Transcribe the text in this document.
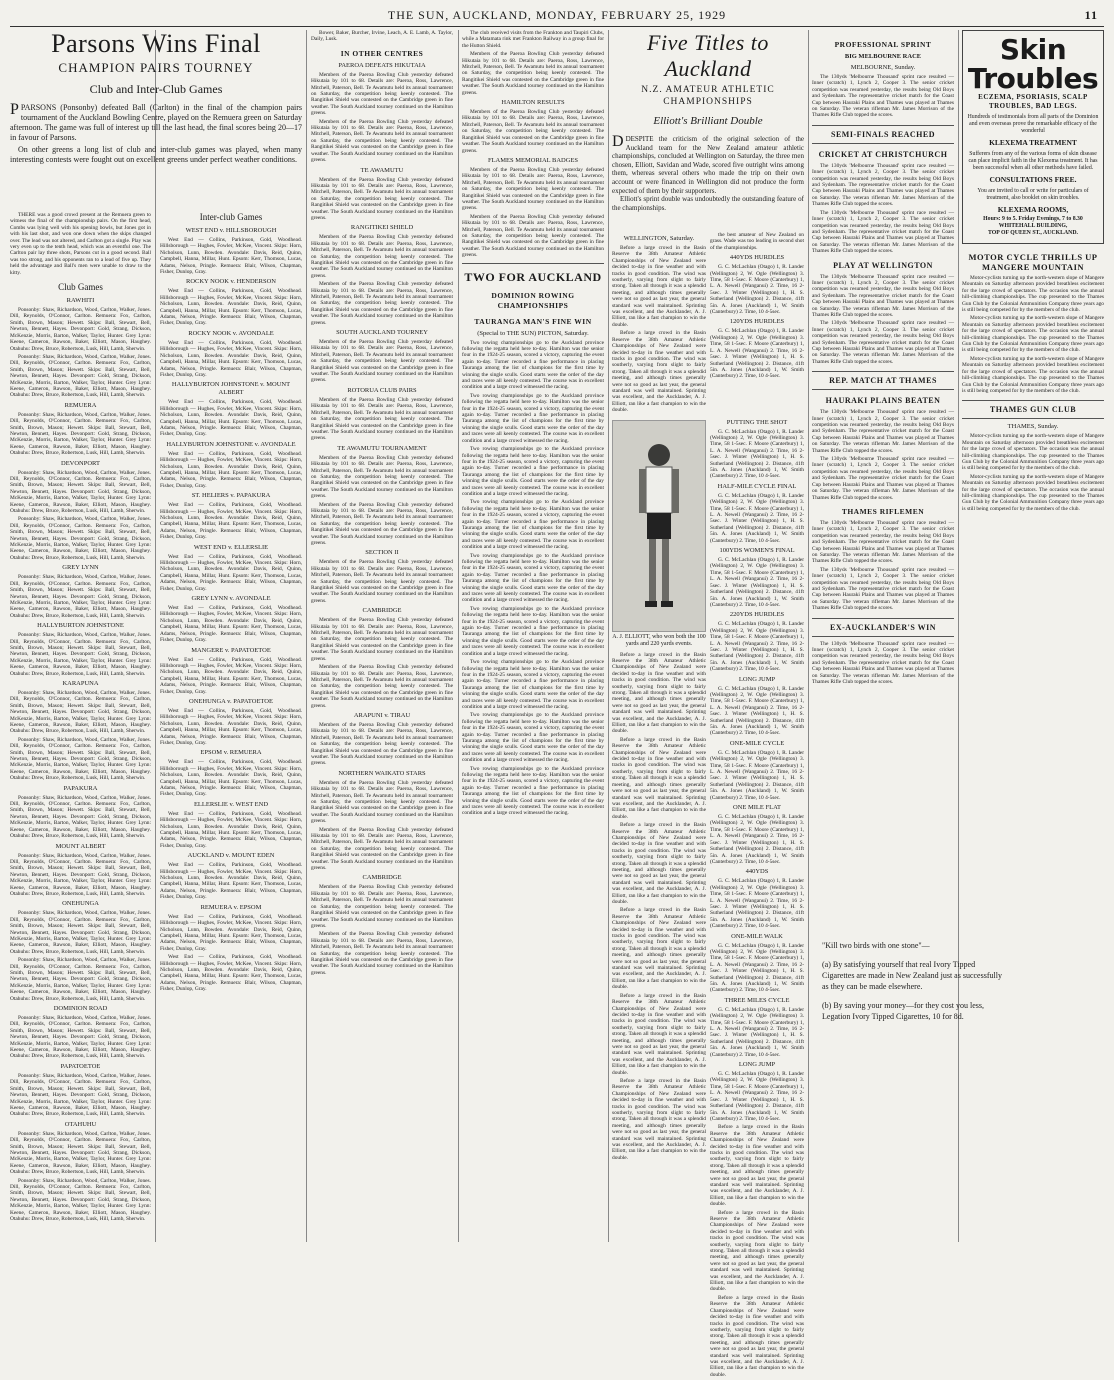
THE SUN, AUCKLAND, MONDAY, FEBRUARY 25, 1929	11
Parsons Wins Final
CHAMPION PAIRS TOURNEY
Club and Inter-Club Games
PPARSONS (Ponsonby) defeated Ball (Carlton) in the final of the champion pairs tournament of the Auckland Bowling Centre, played on the Remuera green on Saturday afternoon. The game was full of interest up till the last head, the final scores being 20—17 in favour of Parsons.
On other greens a long list of club and inter-club games was played, when many interesting contests were fought out on excellent greens under perfect weather conditions.

THERE was a good crowd present at the Remuera green to witness the final of the championship pairs. On the first head, Combs was lying well with his opening bowls, but Jones got in with his last shot, and won one down when the skips changed over. The lead was not altered, and Carlton got a single. Play was very even up to the tenth head, which was an eventful one. The Carlton pair lay three shots, Parsons cut in a good second. Ball was too strong, and his opponents ran to a lead of five up. They held the advantage and Ball's men were unable to draw to the kitty.

Club Games
RAWHITI

Ponsonby: Shaw, Richardson, Wood, Carlton, Walker, Jones. Dill, Reynolds, O'Connor, Carlton. Remuera: Fox, Carlton, Smith, Brown, Mason; Hewett. Skips: Ball, Stewart, Bell, Newton, Bennett, Hayes. Devonport: Gold, Strang, Dickson, McKenzie, Morris, Barton, Walker, Taylor, Hunter. Grey Lynn: Keene, Cameron, Rawson, Baker, Elliott, Mason, Haughey. Otahuhu: Drew, Bruce, Robertson, Lusk, Hill, Lamb, Sherwin.

Ponsonby: Shaw, Richardson, Wood, Carlton, Walker, Jones. Dill, Reynolds, O'Connor, Carlton. Remuera: Fox, Carlton, Smith, Brown, Mason; Hewett. Skips: Ball, Stewart, Bell, Newton, Bennett, Hayes. Devonport: Gold, Strang, Dickson, McKenzie, Morris, Barton, Walker, Taylor, Hunter. Grey Lynn: Keene, Cameron, Rawson, Baker, Elliott, Mason, Haughey. Otahuhu: Drew, Bruce, Robertson, Lusk, Hill, Lamb, Sherwin.

REMUERA

Ponsonby: Shaw, Richardson, Wood, Carlton, Walker, Jones. Dill, Reynolds, O'Connor, Carlton. Remuera: Fox, Carlton, Smith, Brown, Mason; Hewett. Skips: Ball, Stewart, Bell, Newton, Bennett, Hayes. Devonport: Gold, Strang, Dickson, McKenzie, Morris, Barton, Walker, Taylor, Hunter. Grey Lynn: Keene, Cameron, Rawson, Baker, Elliott, Mason, Haughey. Otahuhu: Drew, Bruce, Robertson, Lusk, Hill, Lamb, Sherwin.

DEVONPORT

Ponsonby: Shaw, Richardson, Wood, Carlton, Walker, Jones. Dill, Reynolds, O'Connor, Carlton. Remuera: Fox, Carlton, Smith, Brown, Mason; Hewett. Skips: Ball, Stewart, Bell, Newton, Bennett, Hayes. Devonport: Gold, Strang, Dickson, McKenzie, Morris, Barton, Walker, Taylor, Hunter. Grey Lynn: Keene, Cameron, Rawson, Baker, Elliott, Mason, Haughey. Otahuhu: Drew, Bruce, Robertson, Lusk, Hill, Lamb, Sherwin.

Ponsonby: Shaw, Richardson, Wood, Carlton, Walker, Jones. Dill, Reynolds, O'Connor, Carlton. Remuera: Fox, Carlton, Smith, Brown, Mason; Hewett. Skips: Ball, Stewart, Bell, Newton, Bennett, Hayes. Devonport: Gold, Strang, Dickson, McKenzie, Morris, Barton, Walker, Taylor, Hunter. Grey Lynn: Keene, Cameron, Rawson, Baker, Elliott, Mason, Haughey. Otahuhu: Drew, Bruce, Robertson, Lusk, Hill, Lamb, Sherwin.

GREY LYNN

Ponsonby: Shaw, Richardson, Wood, Carlton, Walker, Jones. Dill, Reynolds, O'Connor, Carlton. Remuera: Fox, Carlton, Smith, Brown, Mason; Hewett. Skips: Ball, Stewart, Bell, Newton, Bennett, Hayes. Devonport: Gold, Strang, Dickson, McKenzie, Morris, Barton, Walker, Taylor, Hunter. Grey Lynn: Keene, Cameron, Rawson, Baker, Elliott, Mason, Haughey. Otahuhu: Drew, Bruce, Robertson, Lusk, Hill, Lamb, Sherwin.

HALLYBURTON JOHNSTONE

Ponsonby: Shaw, Richardson, Wood, Carlton, Walker, Jones. Dill, Reynolds, O'Connor, Carlton. Remuera: Fox, Carlton, Smith, Brown, Mason; Hewett. Skips: Ball, Stewart, Bell, Newton, Bennett, Hayes. Devonport: Gold, Strang, Dickson, McKenzie, Morris, Barton, Walker, Taylor, Hunter. Grey Lynn: Keene, Cameron, Rawson, Baker, Elliott, Mason, Haughey. Otahuhu: Drew, Bruce, Robertson, Lusk, Hill, Lamb, Sherwin.

KARAPUNA

Ponsonby: Shaw, Richardson, Wood, Carlton, Walker, Jones. Dill, Reynolds, O'Connor, Carlton. Remuera: Fox, Carlton, Smith, Brown, Mason; Hewett. Skips: Ball, Stewart, Bell, Newton, Bennett, Hayes. Devonport: Gold, Strang, Dickson, McKenzie, Morris, Barton, Walker, Taylor, Hunter. Grey Lynn: Keene, Cameron, Rawson, Baker, Elliott, Mason, Haughey. Otahuhu: Drew, Bruce, Robertson, Lusk, Hill, Lamb, Sherwin.

Ponsonby: Shaw, Richardson, Wood, Carlton, Walker, Jones. Dill, Reynolds, O'Connor, Carlton. Remuera: Fox, Carlton, Smith, Brown, Mason; Hewett. Skips: Ball, Stewart, Bell, Newton, Bennett, Hayes. Devonport: Gold, Strang, Dickson, McKenzie, Morris, Barton, Walker, Taylor, Hunter. Grey Lynn: Keene, Cameron, Rawson, Baker, Elliott, Mason, Haughey. Otahuhu: Drew, Bruce, Robertson, Lusk, Hill, Lamb, Sherwin.

PAPAKURA

Ponsonby: Shaw, Richardson, Wood, Carlton, Walker, Jones. Dill, Reynolds, O'Connor, Carlton. Remuera: Fox, Carlton, Smith, Brown, Mason; Hewett. Skips: Ball, Stewart, Bell, Newton, Bennett, Hayes. Devonport: Gold, Strang, Dickson, McKenzie, Morris, Barton, Walker, Taylor, Hunter. Grey Lynn: Keene, Cameron, Rawson, Baker, Elliott, Mason, Haughey. Otahuhu: Drew, Bruce, Robertson, Lusk, Hill, Lamb, Sherwin.

MOUNT ALBERT

Ponsonby: Shaw, Richardson, Wood, Carlton, Walker, Jones. Dill, Reynolds, O'Connor, Carlton. Remuera: Fox, Carlton, Smith, Brown, Mason; Hewett. Skips: Ball, Stewart, Bell, Newton, Bennett, Hayes. Devonport: Gold, Strang, Dickson, McKenzie, Morris, Barton, Walker, Taylor, Hunter. Grey Lynn: Keene, Cameron, Rawson, Baker, Elliott, Mason, Haughey. Otahuhu: Drew, Bruce, Robertson, Lusk, Hill, Lamb, Sherwin.

ONEHUNGA

Ponsonby: Shaw, Richardson, Wood, Carlton, Walker, Jones. Dill, Reynolds, O'Connor, Carlton. Remuera: Fox, Carlton, Smith, Brown, Mason; Hewett. Skips: Ball, Stewart, Bell, Newton, Bennett, Hayes. Devonport: Gold, Strang, Dickson, McKenzie, Morris, Barton, Walker, Taylor, Hunter. Grey Lynn: Keene, Cameron, Rawson, Baker, Elliott, Mason, Haughey. Otahuhu: Drew, Bruce, Robertson, Lusk, Hill, Lamb, Sherwin.

Ponsonby: Shaw, Richardson, Wood, Carlton, Walker, Jones. Dill, Reynolds, O'Connor, Carlton. Remuera: Fox, Carlton, Smith, Brown, Mason; Hewett. Skips: Ball, Stewart, Bell, Newton, Bennett, Hayes. Devonport: Gold, Strang, Dickson, McKenzie, Morris, Barton, Walker, Taylor, Hunter. Grey Lynn: Keene, Cameron, Rawson, Baker, Elliott, Mason, Haughey. Otahuhu: Drew, Bruce, Robertson, Lusk, Hill, Lamb, Sherwin.

DOMINION ROAD

Ponsonby: Shaw, Richardson, Wood, Carlton, Walker, Jones. Dill, Reynolds, O'Connor, Carlton. Remuera: Fox, Carlton, Smith, Brown, Mason; Hewett. Skips: Ball, Stewart, Bell, Newton, Bennett, Hayes. Devonport: Gold, Strang, Dickson, McKenzie, Morris, Barton, Walker, Taylor, Hunter. Grey Lynn: Keene, Cameron, Rawson, Baker, Elliott, Mason, Haughey. Otahuhu: Drew, Bruce, Robertson, Lusk, Hill, Lamb, Sherwin.

PAPATOETOE

Ponsonby: Shaw, Richardson, Wood, Carlton, Walker, Jones. Dill, Reynolds, O'Connor, Carlton. Remuera: Fox, Carlton, Smith, Brown, Mason; Hewett. Skips: Ball, Stewart, Bell, Newton, Bennett, Hayes. Devonport: Gold, Strang, Dickson, McKenzie, Morris, Barton, Walker, Taylor, Hunter. Grey Lynn: Keene, Cameron, Rawson, Baker, Elliott, Mason, Haughey. Otahuhu: Drew, Bruce, Robertson, Lusk, Hill, Lamb, Sherwin.

OTAHUHU

Ponsonby: Shaw, Richardson, Wood, Carlton, Walker, Jones. Dill, Reynolds, O'Connor, Carlton. Remuera: Fox, Carlton, Smith, Brown, Mason; Hewett. Skips: Ball, Stewart, Bell, Newton, Bennett, Hayes. Devonport: Gold, Strang, Dickson, McKenzie, Morris, Barton, Walker, Taylor, Hunter. Grey Lynn: Keene, Cameron, Rawson, Baker, Elliott, Mason, Haughey. Otahuhu: Drew, Bruce, Robertson, Lusk, Hill, Lamb, Sherwin.

Ponsonby: Shaw, Richardson, Wood, Carlton, Walker, Jones. Dill, Reynolds, O'Connor, Carlton. Remuera: Fox, Carlton, Smith, Brown, Mason; Hewett. Skips: Ball, Stewart, Bell, Newton, Bennett, Hayes. Devonport: Gold, Strang, Dickson, McKenzie, Morris, Barton, Walker, Taylor, Hunter. Grey Lynn: Keene, Cameron, Rawson, Baker, Elliott, Mason, Haughey. Otahuhu: Drew, Bruce, Robertson, Lusk, Hill, Lamb, Sherwin.

Inter-club Games
WEST END v. HILLSBOROUGH

West End — Collins, Parkinson, Gold, Woodhead. Hillsborough — Hughes, Fowler, McKee, Vincent. Skips: Horn, Nicholson, Lunn, Bowden. Avondale: Davis, Reid, Quinn, Campbell, Hanna, Millar, Hunt. Epsom: Kerr, Thomson, Lucas, Adams, Nelson, Pringle. Remuera: Blair, Wilson, Chapman, Fisher, Dunlop, Gray.

ROCKY NOOK v. HENDERSON

West End — Collins, Parkinson, Gold, Woodhead. Hillsborough — Hughes, Fowler, McKee, Vincent. Skips: Horn, Nicholson, Lunn, Bowden. Avondale: Davis, Reid, Quinn, Campbell, Hanna, Millar, Hunt. Epsom: Kerr, Thomson, Lucas, Adams, Nelson, Pringle. Remuera: Blair, Wilson, Chapman, Fisher, Dunlop, Gray.

ROCKY NOOK v. AVONDALE

West End — Collins, Parkinson, Gold, Woodhead. Hillsborough — Hughes, Fowler, McKee, Vincent. Skips: Horn, Nicholson, Lunn, Bowden. Avondale: Davis, Reid, Quinn, Campbell, Hanna, Millar, Hunt. Epsom: Kerr, Thomson, Lucas, Adams, Nelson, Pringle. Remuera: Blair, Wilson, Chapman, Fisher, Dunlop, Gray.

HALLYBURTON JOHNSTONE v. MOUNT ALBERT

West End — Collins, Parkinson, Gold, Woodhead. Hillsborough — Hughes, Fowler, McKee, Vincent. Skips: Horn, Nicholson, Lunn, Bowden. Avondale: Davis, Reid, Quinn, Campbell, Hanna, Millar, Hunt. Epsom: Kerr, Thomson, Lucas, Adams, Nelson, Pringle. Remuera: Blair, Wilson, Chapman, Fisher, Dunlop, Gray.

HALLYBURTON JOHNSTONE v. AVONDALE

West End — Collins, Parkinson, Gold, Woodhead. Hillsborough — Hughes, Fowler, McKee, Vincent. Skips: Horn, Nicholson, Lunn, Bowden. Avondale: Davis, Reid, Quinn, Campbell, Hanna, Millar, Hunt. Epsom: Kerr, Thomson, Lucas, Adams, Nelson, Pringle. Remuera: Blair, Wilson, Chapman, Fisher, Dunlop, Gray.

ST. HELIERS v. PAPAKURA

West End — Collins, Parkinson, Gold, Woodhead. Hillsborough — Hughes, Fowler, McKee, Vincent. Skips: Horn, Nicholson, Lunn, Bowden. Avondale: Davis, Reid, Quinn, Campbell, Hanna, Millar, Hunt. Epsom: Kerr, Thomson, Lucas, Adams, Nelson, Pringle. Remuera: Blair, Wilson, Chapman, Fisher, Dunlop, Gray.

WEST END v. ELLERSLIE

West End — Collins, Parkinson, Gold, Woodhead. Hillsborough — Hughes, Fowler, McKee, Vincent. Skips: Horn, Nicholson, Lunn, Bowden. Avondale: Davis, Reid, Quinn, Campbell, Hanna, Millar, Hunt. Epsom: Kerr, Thomson, Lucas, Adams, Nelson, Pringle. Remuera: Blair, Wilson, Chapman, Fisher, Dunlop, Gray.

GREY LYNN v. AVONDALE

West End — Collins, Parkinson, Gold, Woodhead. Hillsborough — Hughes, Fowler, McKee, Vincent. Skips: Horn, Nicholson, Lunn, Bowden. Avondale: Davis, Reid, Quinn, Campbell, Hanna, Millar, Hunt. Epsom: Kerr, Thomson, Lucas, Adams, Nelson, Pringle. Remuera: Blair, Wilson, Chapman, Fisher, Dunlop, Gray.

MANGERE v. PAPATOETOE

West End — Collins, Parkinson, Gold, Woodhead. Hillsborough — Hughes, Fowler, McKee, Vincent. Skips: Horn, Nicholson, Lunn, Bowden. Avondale: Davis, Reid, Quinn, Campbell, Hanna, Millar, Hunt. Epsom: Kerr, Thomson, Lucas, Adams, Nelson, Pringle. Remuera: Blair, Wilson, Chapman, Fisher, Dunlop, Gray.

ONEHUNGA v. PAPATOETOE

West End — Collins, Parkinson, Gold, Woodhead. Hillsborough — Hughes, Fowler, McKee, Vincent. Skips: Horn, Nicholson, Lunn, Bowden. Avondale: Davis, Reid, Quinn, Campbell, Hanna, Millar, Hunt. Epsom: Kerr, Thomson, Lucas, Adams, Nelson, Pringle. Remuera: Blair, Wilson, Chapman, Fisher, Dunlop, Gray.

EPSOM v. REMUERA

West End — Collins, Parkinson, Gold, Woodhead. Hillsborough — Hughes, Fowler, McKee, Vincent. Skips: Horn, Nicholson, Lunn, Bowden. Avondale: Davis, Reid, Quinn, Campbell, Hanna, Millar, Hunt. Epsom: Kerr, Thomson, Lucas, Adams, Nelson, Pringle. Remuera: Blair, Wilson, Chapman, Fisher, Dunlop, Gray.

ELLERSLIE v. WEST END

West End — Collins, Parkinson, Gold, Woodhead. Hillsborough — Hughes, Fowler, McKee, Vincent. Skips: Horn, Nicholson, Lunn, Bowden. Avondale: Davis, Reid, Quinn, Campbell, Hanna, Millar, Hunt. Epsom: Kerr, Thomson, Lucas, Adams, Nelson, Pringle. Remuera: Blair, Wilson, Chapman, Fisher, Dunlop, Gray.

AUCKLAND v. MOUNT EDEN

West End — Collins, Parkinson, Gold, Woodhead. Hillsborough — Hughes, Fowler, McKee, Vincent. Skips: Horn, Nicholson, Lunn, Bowden. Avondale: Davis, Reid, Quinn, Campbell, Hanna, Millar, Hunt. Epsom: Kerr, Thomson, Lucas, Adams, Nelson, Pringle. Remuera: Blair, Wilson, Chapman, Fisher, Dunlop, Gray.

REMUERA v. EPSOM

West End — Collins, Parkinson, Gold, Woodhead. Hillsborough — Hughes, Fowler, McKee, Vincent. Skips: Horn, Nicholson, Lunn, Bowden. Avondale: Davis, Reid, Quinn, Campbell, Hanna, Millar, Hunt. Epsom: Kerr, Thomson, Lucas, Adams, Nelson, Pringle. Remuera: Blair, Wilson, Chapman, Fisher, Dunlop, Gray.

West End — Collins, Parkinson, Gold, Woodhead. Hillsborough — Hughes, Fowler, McKee, Vincent. Skips: Horn, Nicholson, Lunn, Bowden. Avondale: Davis, Reid, Quinn, Campbell, Hanna, Millar, Hunt. Epsom: Kerr, Thomson, Lucas, Adams, Nelson, Pringle. Remuera: Blair, Wilson, Chapman, Fisher, Dunlop, Gray.

Bower, Baker, Burcher, Irvine, Leach, A. E. Lamb, A. Taylor, Daily, Lusk.

IN OTHER CENTRES
PAEROA DEFEATS HIKUTAIA

Members of the Paeroa Bowling Club yesterday defeated Hikutaia by 101 to 68. Details are: Paeroa, Ross, Lawrence, Mitchell, Paterson, Bell. Te Awamutu held its annual tournament on Saturday, the competition being keenly contested. The Rangitikei Shield was contested on the Cambridge green in fine weather. The South Auckland tourney continued on the Hamilton greens.

Members of the Paeroa Bowling Club yesterday defeated Hikutaia by 101 to 68. Details are: Paeroa, Ross, Lawrence, Mitchell, Paterson, Bell. Te Awamutu held its annual tournament on Saturday, the competition being keenly contested. The Rangitikei Shield was contested on the Cambridge green in fine weather. The South Auckland tourney continued on the Hamilton greens.

TE AWAMUTU

Members of the Paeroa Bowling Club yesterday defeated Hikutaia by 101 to 68. Details are: Paeroa, Ross, Lawrence, Mitchell, Paterson, Bell. Te Awamutu held its annual tournament on Saturday, the competition being keenly contested. The Rangitikei Shield was contested on the Cambridge green in fine weather. The South Auckland tourney continued on the Hamilton greens.

RANGITIKEI SHIELD

Members of the Paeroa Bowling Club yesterday defeated Hikutaia by 101 to 68. Details are: Paeroa, Ross, Lawrence, Mitchell, Paterson, Bell. Te Awamutu held its annual tournament on Saturday, the competition being keenly contested. The Rangitikei Shield was contested on the Cambridge green in fine weather. The South Auckland tourney continued on the Hamilton greens.

Members of the Paeroa Bowling Club yesterday defeated Hikutaia by 101 to 68. Details are: Paeroa, Ross, Lawrence, Mitchell, Paterson, Bell. Te Awamutu held its annual tournament on Saturday, the competition being keenly contested. The Rangitikei Shield was contested on the Cambridge green in fine weather. The South Auckland tourney continued on the Hamilton greens.

SOUTH AUCKLAND TOURNEY

Members of the Paeroa Bowling Club yesterday defeated Hikutaia by 101 to 68. Details are: Paeroa, Ross, Lawrence, Mitchell, Paterson, Bell. Te Awamutu held its annual tournament on Saturday, the competition being keenly contested. The Rangitikei Shield was contested on the Cambridge green in fine weather. The South Auckland tourney continued on the Hamilton greens.

ROTORUA CLUB PAIRS

Members of the Paeroa Bowling Club yesterday defeated Hikutaia by 101 to 68. Details are: Paeroa, Ross, Lawrence, Mitchell, Paterson, Bell. Te Awamutu held its annual tournament on Saturday, the competition being keenly contested. The Rangitikei Shield was contested on the Cambridge green in fine weather. The South Auckland tourney continued on the Hamilton greens.

TE AWAMUTU TOURNAMENT

Members of the Paeroa Bowling Club yesterday defeated Hikutaia by 101 to 68. Details are: Paeroa, Ross, Lawrence, Mitchell, Paterson, Bell. Te Awamutu held its annual tournament on Saturday, the competition being keenly contested. The Rangitikei Shield was contested on the Cambridge green in fine weather. The South Auckland tourney continued on the Hamilton greens.

Members of the Paeroa Bowling Club yesterday defeated Hikutaia by 101 to 68. Details are: Paeroa, Ross, Lawrence, Mitchell, Paterson, Bell. Te Awamutu held its annual tournament on Saturday, the competition being keenly contested. The Rangitikei Shield was contested on the Cambridge green in fine weather. The South Auckland tourney continued on the Hamilton greens.

SECTION II

Members of the Paeroa Bowling Club yesterday defeated Hikutaia by 101 to 68. Details are: Paeroa, Ross, Lawrence, Mitchell, Paterson, Bell. Te Awamutu held its annual tournament on Saturday, the competition being keenly contested. The Rangitikei Shield was contested on the Cambridge green in fine weather. The South Auckland tourney continued on the Hamilton greens.

CAMBRIDGE

Members of the Paeroa Bowling Club yesterday defeated Hikutaia by 101 to 68. Details are: Paeroa, Ross, Lawrence, Mitchell, Paterson, Bell. Te Awamutu held its annual tournament on Saturday, the competition being keenly contested. The Rangitikei Shield was contested on the Cambridge green in fine weather. The South Auckland tourney continued on the Hamilton greens.

Members of the Paeroa Bowling Club yesterday defeated Hikutaia by 101 to 68. Details are: Paeroa, Ross, Lawrence, Mitchell, Paterson, Bell. Te Awamutu held its annual tournament on Saturday, the competition being keenly contested. The Rangitikei Shield was contested on the Cambridge green in fine weather. The South Auckland tourney continued on the Hamilton greens.

ARAPUNI v. TIRAU

Members of the Paeroa Bowling Club yesterday defeated Hikutaia by 101 to 68. Details are: Paeroa, Ross, Lawrence, Mitchell, Paterson, Bell. Te Awamutu held its annual tournament on Saturday, the competition being keenly contested. The Rangitikei Shield was contested on the Cambridge green in fine weather. The South Auckland tourney continued on the Hamilton greens.

NORTHERN WAIKATO STARS

Members of the Paeroa Bowling Club yesterday defeated Hikutaia by 101 to 68. Details are: Paeroa, Ross, Lawrence, Mitchell, Paterson, Bell. Te Awamutu held its annual tournament on Saturday, the competition being keenly contested. The Rangitikei Shield was contested on the Cambridge green in fine weather. The South Auckland tourney continued on the Hamilton greens.

Members of the Paeroa Bowling Club yesterday defeated Hikutaia by 101 to 68. Details are: Paeroa, Ross, Lawrence, Mitchell, Paterson, Bell. Te Awamutu held its annual tournament on Saturday, the competition being keenly contested. The Rangitikei Shield was contested on the Cambridge green in fine weather. The South Auckland tourney continued on the Hamilton greens.

CAMBRIDGE

Members of the Paeroa Bowling Club yesterday defeated Hikutaia by 101 to 68. Details are: Paeroa, Ross, Lawrence, Mitchell, Paterson, Bell. Te Awamutu held its annual tournament on Saturday, the competition being keenly contested. The Rangitikei Shield was contested on the Cambridge green in fine weather. The South Auckland tourney continued on the Hamilton greens.

Members of the Paeroa Bowling Club yesterday defeated Hikutaia by 101 to 68. Details are: Paeroa, Ross, Lawrence, Mitchell, Paterson, Bell. Te Awamutu held its annual tournament on Saturday, the competition being keenly contested. The Rangitikei Shield was contested on the Cambridge green in fine weather. The South Auckland tourney continued on the Hamilton greens.

The club received visits from the Frankton and Taupiri Clubs, while a Matamata rink met Frankton Railway in a group final for the Hutton Shield.

Members of the Paeroa Bowling Club yesterday defeated Hikutaia by 101 to 68. Details are: Paeroa, Ross, Lawrence, Mitchell, Paterson, Bell. Te Awamutu held its annual tournament on Saturday, the competition being keenly contested. The Rangitikei Shield was contested on the Cambridge green in fine weather. The South Auckland tourney continued on the Hamilton greens.

HAMILTON RESULTS

Members of the Paeroa Bowling Club yesterday defeated Hikutaia by 101 to 68. Details are: Paeroa, Ross, Lawrence, Mitchell, Paterson, Bell. Te Awamutu held its annual tournament on Saturday, the competition being keenly contested. The Rangitikei Shield was contested on the Cambridge green in fine weather. The South Auckland tourney continued on the Hamilton greens.

FLAMES MEMORIAL BADGES

Members of the Paeroa Bowling Club yesterday defeated Hikutaia by 101 to 68. Details are: Paeroa, Ross, Lawrence, Mitchell, Paterson, Bell. Te Awamutu held its annual tournament on Saturday, the competition being keenly contested. The Rangitikei Shield was contested on the Cambridge green in fine weather. The South Auckland tourney continued on the Hamilton greens.

Members of the Paeroa Bowling Club yesterday defeated Hikutaia by 101 to 68. Details are: Paeroa, Ross, Lawrence, Mitchell, Paterson, Bell. Te Awamutu held its annual tournament on Saturday, the competition being keenly contested. The Rangitikei Shield was contested on the Cambridge green in fine weather. The South Auckland tourney continued on the Hamilton greens.

TWO FOR AUCKLAND
DOMINION ROWING CHAMPIONSHIPS
TAURANGA MAN'S FINE WIN
(Special to THE SUN) PICTON, Saturday.

Two rowing championships go to the Auckland province following the regatta held here to-day. Hamilton was the senior four in the 1924-25 season, scored a victory, capturing the event again to-day. Turner recorded a fine performance in placing Tauranga among the list of champions for the first time by winning the single sculls. Good starts were the order of the day and races were all keenly contested. The course was in excellent condition and a large crowd witnessed the racing.

Two rowing championships go to the Auckland province following the regatta held here to-day. Hamilton was the senior four in the 1924-25 season, scored a victory, capturing the event again to-day. Turner recorded a fine performance in placing Tauranga among the list of champions for the first time by winning the single sculls. Good starts were the order of the day and races were all keenly contested. The course was in excellent condition and a large crowd witnessed the racing.

Two rowing championships go to the Auckland province following the regatta held here to-day. Hamilton was the senior four in the 1924-25 season, scored a victory, capturing the event again to-day. Turner recorded a fine performance in placing Tauranga among the list of champions for the first time by winning the single sculls. Good starts were the order of the day and races were all keenly contested. The course was in excellent condition and a large crowd witnessed the racing.

Two rowing championships go to the Auckland province following the regatta held here to-day. Hamilton was the senior four in the 1924-25 season, scored a victory, capturing the event again to-day. Turner recorded a fine performance in placing Tauranga among the list of champions for the first time by winning the single sculls. Good starts were the order of the day and races were all keenly contested. The course was in excellent condition and a large crowd witnessed the racing.

Two rowing championships go to the Auckland province following the regatta held here to-day. Hamilton was the senior four in the 1924-25 season, scored a victory, capturing the event again to-day. Turner recorded a fine performance in placing Tauranga among the list of champions for the first time by winning the single sculls. Good starts were the order of the day and races were all keenly contested. The course was in excellent condition and a large crowd witnessed the racing.

Two rowing championships go to the Auckland province following the regatta held here to-day. Hamilton was the senior four in the 1924-25 season, scored a victory, capturing the event again to-day. Turner recorded a fine performance in placing Tauranga among the list of champions for the first time by winning the single sculls. Good starts were the order of the day and races were all keenly contested. The course was in excellent condition and a large crowd witnessed the racing.

Two rowing championships go to the Auckland province following the regatta held here to-day. Hamilton was the senior four in the 1924-25 season, scored a victory, capturing the event again to-day. Turner recorded a fine performance in placing Tauranga among the list of champions for the first time by winning the single sculls. Good starts were the order of the day and races were all keenly contested. The course was in excellent condition and a large crowd witnessed the racing.

Two rowing championships go to the Auckland province following the regatta held here to-day. Hamilton was the senior four in the 1924-25 season, scored a victory, capturing the event again to-day. Turner recorded a fine performance in placing Tauranga among the list of champions for the first time by winning the single sculls. Good starts were the order of the day and races were all keenly contested. The course was in excellent condition and a large crowd witnessed the racing.

Two rowing championships go to the Auckland province following the regatta held here to-day. Hamilton was the senior four in the 1924-25 season, scored a victory, capturing the event again to-day. Turner recorded a fine performance in placing Tauranga among the list of champions for the first time by winning the single sculls. Good starts were the order of the day and races were all keenly contested. The course was in excellent condition and a large crowd witnessed the racing.

Five Titles to Auckland
N.Z. AMATEUR ATHLETIC CHAMPIONSHIPS
Elliott's Brilliant Double
DDESPITE the criticism of the original selection of the Auckland team for the New Zealand amateur athletic championships, concluded at Wellington on Saturday, the three men chosen, Elliott, Savidan and Wade, scored five outright wins among them, whereas several others who made the trip on their own account or were financed in Wellington did not produce the form expected of them by their supporters.
Elliott's sprint double was undoubtedly the outstanding feature of the championships.
WELLINGTON, Saturday.

Before a large crowd in the Basin Reserve the 38th Amateur Athletic Championships of New Zealand were decided to-day in fine weather and with tracks in good condition. The wind was southerly, varying from slight to fairly strong. Taken all through it was a splendid meeting, and although times generally were not so good as last year, the general standard was well maintained. Sprinting was excellent, and the Aucklander, A. J. Elliott, ran like a fast champion to win the double.

Before a large crowd in the Basin Reserve the 38th Amateur Athletic Championships of New Zealand were decided to-day in fine weather and with tracks in good condition. The wind was southerly, varying from slight to fairly strong. Taken all through it was a splendid meeting, and although times generally were not so good as last year, the general standard was well maintained. Sprinting was excellent, and the Aucklander, A. J. Elliott, ran like a fast champion to win the double.

the best amateur of New Zealand on grass. Wade was too leading in second shot of the championships.

440YDS HURDLES

G. C. McLachlan (Otago) 1, R. Lander (Wellington) 2, W. Ogle (Wellington) 3. Time, 58 1-5sec. F. Moore (Canterbury) 1, L. A. Newell (Wanganui) 2. Time, 16 2-5sec. J. Winter (Wellington) 1, H. S. Sutherland (Wellington) 2. Distance, 41ft 5in. A. Jones (Auckland) 1, W. Smith (Canterbury) 2. Time, 10 4-5sec.

120YDS HURDLES

G. C. McLachlan (Otago) 1, R. Lander (Wellington) 2, W. Ogle (Wellington) 3. Time, 58 1-5sec. F. Moore (Canterbury) 1, L. A. Newell (Wanganui) 2. Time, 16 2-5sec. J. Winter (Wellington) 1, H. S. Sutherland (Wellington) 2. Distance, 41ft 5in. A. Jones (Auckland) 1, W. Smith (Canterbury) 2. Time, 10 4-5sec.

A. J. ELLIOTT, who won both the 100 yards and 220 yards events.

Before a large crowd in the Basin Reserve the 38th Amateur Athletic Championships of New Zealand were decided to-day in fine weather and with tracks in good condition. The wind was southerly, varying from slight to fairly strong. Taken all through it was a splendid meeting, and although times generally were not so good as last year, the general standard was well maintained. Sprinting was excellent, and the Aucklander, A. J. Elliott, ran like a fast champion to win the double.

Before a large crowd in the Basin Reserve the 38th Amateur Athletic Championships of New Zealand were decided to-day in fine weather and with tracks in good condition. The wind was southerly, varying from slight to fairly strong. Taken all through it was a splendid meeting, and although times generally were not so good as last year, the general standard was well maintained. Sprinting was excellent, and the Aucklander, A. J. Elliott, ran like a fast champion to win the double.

Before a large crowd in the Basin Reserve the 38th Amateur Athletic Championships of New Zealand were decided to-day in fine weather and with tracks in good condition. The wind was southerly, varying from slight to fairly strong. Taken all through it was a splendid meeting, and although times generally were not so good as last year, the general standard was well maintained. Sprinting was excellent, and the Aucklander, A. J. Elliott, ran like a fast champion to win the double.

Before a large crowd in the Basin Reserve the 38th Amateur Athletic Championships of New Zealand were decided to-day in fine weather and with tracks in good condition. The wind was southerly, varying from slight to fairly strong. Taken all through it was a splendid meeting, and although times generally were not so good as last year, the general standard was well maintained. Sprinting was excellent, and the Aucklander, A. J. Elliott, ran like a fast champion to win the double.

Before a large crowd in the Basin Reserve the 38th Amateur Athletic Championships of New Zealand were decided to-day in fine weather and with tracks in good condition. The wind was southerly, varying from slight to fairly strong. Taken all through it was a splendid meeting, and although times generally were not so good as last year, the general standard was well maintained. Sprinting was excellent, and the Aucklander, A. J. Elliott, ran like a fast champion to win the double.

Before a large crowd in the Basin Reserve the 38th Amateur Athletic Championships of New Zealand were decided to-day in fine weather and with tracks in good condition. The wind was southerly, varying from slight to fairly strong. Taken all through it was a splendid meeting, and although times generally were not so good as last year, the general standard was well maintained. Sprinting was excellent, and the Aucklander, A. J. Elliott, ran like a fast champion to win the double.

PUTTING THE SHOT

G. C. McLachlan (Otago) 1, R. Lander (Wellington) 2, W. Ogle (Wellington) 3. Time, 58 1-5sec. F. Moore (Canterbury) 1, L. A. Newell (Wanganui) 2. Time, 16 2-5sec. J. Winter (Wellington) 1, H. S. Sutherland (Wellington) 2. Distance, 41ft 5in. A. Jones (Auckland) 1, W. Smith (Canterbury) 2. Time, 10 4-5sec.

HALF-MILE CYCLE FINAL

G. C. McLachlan (Otago) 1, R. Lander (Wellington) 2, W. Ogle (Wellington) 3. Time, 58 1-5sec. F. Moore (Canterbury) 1, L. A. Newell (Wanganui) 2. Time, 16 2-5sec. J. Winter (Wellington) 1, H. S. Sutherland (Wellington) 2. Distance, 41ft 5in. A. Jones (Auckland) 1, W. Smith (Canterbury) 2. Time, 10 4-5sec.

100YDS WOMEN'S FINAL

G. C. McLachlan (Otago) 1, R. Lander (Wellington) 2, W. Ogle (Wellington) 3. Time, 58 1-5sec. F. Moore (Canterbury) 1, L. A. Newell (Wanganui) 2. Time, 16 2-5sec. J. Winter (Wellington) 1, H. S. Sutherland (Wellington) 2. Distance, 41ft 5in. A. Jones (Auckland) 1, W. Smith (Canterbury) 2. Time, 10 4-5sec.

220YDS HURDLES

G. C. McLachlan (Otago) 1, R. Lander (Wellington) 2, W. Ogle (Wellington) 3. Time, 58 1-5sec. F. Moore (Canterbury) 1, L. A. Newell (Wanganui) 2. Time, 16 2-5sec. J. Winter (Wellington) 1, H. S. Sutherland (Wellington) 2. Distance, 41ft 5in. A. Jones (Auckland) 1, W. Smith (Canterbury) 2. Time, 10 4-5sec.

LONG JUMP

G. C. McLachlan (Otago) 1, R. Lander (Wellington) 2, W. Ogle (Wellington) 3. Time, 58 1-5sec. F. Moore (Canterbury) 1, L. A. Newell (Wanganui) 2. Time, 16 2-5sec. J. Winter (Wellington) 1, H. S. Sutherland (Wellington) 2. Distance, 41ft 5in. A. Jones (Auckland) 1, W. Smith (Canterbury) 2. Time, 10 4-5sec.

ONE-MILE CYCLE

G. C. McLachlan (Otago) 1, R. Lander (Wellington) 2, W. Ogle (Wellington) 3. Time, 58 1-5sec. F. Moore (Canterbury) 1, L. A. Newell (Wanganui) 2. Time, 16 2-5sec. J. Winter (Wellington) 1, H. S. Sutherland (Wellington) 2. Distance, 41ft 5in. A. Jones (Auckland) 1, W. Smith (Canterbury) 2. Time, 10 4-5sec.

ONE MILE FLAT

G. C. McLachlan (Otago) 1, R. Lander (Wellington) 2, W. Ogle (Wellington) 3. Time, 58 1-5sec. F. Moore (Canterbury) 1, L. A. Newell (Wanganui) 2. Time, 16 2-5sec. J. Winter (Wellington) 1, H. S. Sutherland (Wellington) 2. Distance, 41ft 5in. A. Jones (Auckland) 1, W. Smith (Canterbury) 2. Time, 10 4-5sec.

440YDS

G. C. McLachlan (Otago) 1, R. Lander (Wellington) 2, W. Ogle (Wellington) 3. Time, 58 1-5sec. F. Moore (Canterbury) 1, L. A. Newell (Wanganui) 2. Time, 16 2-5sec. J. Winter (Wellington) 1, H. S. Sutherland (Wellington) 2. Distance, 41ft 5in. A. Jones (Auckland) 1, W. Smith (Canterbury) 2. Time, 10 4-5sec.

ONE-MILE WALK

G. C. McLachlan (Otago) 1, R. Lander (Wellington) 2, W. Ogle (Wellington) 3. Time, 58 1-5sec. F. Moore (Canterbury) 1, L. A. Newell (Wanganui) 2. Time, 16 2-5sec. J. Winter (Wellington) 1, H. S. Sutherland (Wellington) 2. Distance, 41ft 5in. A. Jones (Auckland) 1, W. Smith (Canterbury) 2. Time, 10 4-5sec.

THREE MILES CYCLE

G. C. McLachlan (Otago) 1, R. Lander (Wellington) 2, W. Ogle (Wellington) 3. Time, 58 1-5sec. F. Moore (Canterbury) 1, L. A. Newell (Wanganui) 2. Time, 16 2-5sec. J. Winter (Wellington) 1, H. S. Sutherland (Wellington) 2. Distance, 41ft 5in. A. Jones (Auckland) 1, W. Smith (Canterbury) 2. Time, 10 4-5sec.

LONG JUMP

G. C. McLachlan (Otago) 1, R. Lander (Wellington) 2, W. Ogle (Wellington) 3. Time, 58 1-5sec. F. Moore (Canterbury) 1, L. A. Newell (Wanganui) 2. Time, 16 2-5sec. J. Winter (Wellington) 1, H. S. Sutherland (Wellington) 2. Distance, 41ft 5in. A. Jones (Auckland) 1, W. Smith (Canterbury) 2. Time, 10 4-5sec.

Before a large crowd in the Basin Reserve the 38th Amateur Athletic Championships of New Zealand were decided to-day in fine weather and with tracks in good condition. The wind was southerly, varying from slight to fairly strong. Taken all through it was a splendid meeting, and although times generally were not so good as last year, the general standard was well maintained. Sprinting was excellent, and the Aucklander, A. J. Elliott, ran like a fast champion to win the double.

Before a large crowd in the Basin Reserve the 38th Amateur Athletic Championships of New Zealand were decided to-day in fine weather and with tracks in good condition. The wind was southerly, varying from slight to fairly strong. Taken all through it was a splendid meeting, and although times generally were not so good as last year, the general standard was well maintained. Sprinting was excellent, and the Aucklander, A. J. Elliott, ran like a fast champion to win the double.

Before a large crowd in the Basin Reserve the 38th Amateur Athletic Championships of New Zealand were decided to-day in fine weather and with tracks in good condition. The wind was southerly, varying from slight to fairly strong. Taken all through it was a splendid meeting, and although times generally were not so good as last year, the general standard was well maintained. Sprinting was excellent, and the Aucklander, A. J. Elliott, ran like a fast champion to win the double.

PROFESSIONAL SPRINT
BIG MELBOURNE RACE
MELBOURNE, Sunday.

The 130yds 'Melbourne Thousand' sprint race resulted — Inner (scratch) 1, Lynch 2, Cooper 3. The senior cricket competition was resumed yesterday, the results being Old Boys and Sydenham. The representative cricket match for the Coast Cup between Hauraki Plains and Thames was played at Thames on Saturday. The veteran rifleman Mr. James Morrison of the Thames Rifle Club topped the scores.

SEMI-FINALS REACHED
CRICKET AT CHRISTCHURCH

The 130yds 'Melbourne Thousand' sprint race resulted — Inner (scratch) 1, Lynch 2, Cooper 3. The senior cricket competition was resumed yesterday, the results being Old Boys and Sydenham. The representative cricket match for the Coast Cup between Hauraki Plains and Thames was played at Thames on Saturday. The veteran rifleman Mr. James Morrison of the Thames Rifle Club topped the scores.

The 130yds 'Melbourne Thousand' sprint race resulted — Inner (scratch) 1, Lynch 2, Cooper 3. The senior cricket competition was resumed yesterday, the results being Old Boys and Sydenham. The representative cricket match for the Coast Cup between Hauraki Plains and Thames was played at Thames on Saturday. The veteran rifleman Mr. James Morrison of the Thames Rifle Club topped the scores.

PLAY AT WELLINGTON

The 130yds 'Melbourne Thousand' sprint race resulted — Inner (scratch) 1, Lynch 2, Cooper 3. The senior cricket competition was resumed yesterday, the results being Old Boys and Sydenham. The representative cricket match for the Coast Cup between Hauraki Plains and Thames was played at Thames on Saturday. The veteran rifleman Mr. James Morrison of the Thames Rifle Club topped the scores.

The 130yds 'Melbourne Thousand' sprint race resulted — Inner (scratch) 1, Lynch 2, Cooper 3. The senior cricket competition was resumed yesterday, the results being Old Boys and Sydenham. The representative cricket match for the Coast Cup between Hauraki Plains and Thames was played at Thames on Saturday. The veteran rifleman Mr. James Morrison of the Thames Rifle Club topped the scores.

REP. MATCH AT THAMES
HAURAKI PLAINS BEATEN

The 130yds 'Melbourne Thousand' sprint race resulted — Inner (scratch) 1, Lynch 2, Cooper 3. The senior cricket competition was resumed yesterday, the results being Old Boys and Sydenham. The representative cricket match for the Coast Cup between Hauraki Plains and Thames was played at Thames on Saturday. The veteran rifleman Mr. James Morrison of the Thames Rifle Club topped the scores.

The 130yds 'Melbourne Thousand' sprint race resulted — Inner (scratch) 1, Lynch 2, Cooper 3. The senior cricket competition was resumed yesterday, the results being Old Boys and Sydenham. The representative cricket match for the Coast Cup between Hauraki Plains and Thames was played at Thames on Saturday. The veteran rifleman Mr. James Morrison of the Thames Rifle Club topped the scores.

THAMES RIFLEMEN

The 130yds 'Melbourne Thousand' sprint race resulted — Inner (scratch) 1, Lynch 2, Cooper 3. The senior cricket competition was resumed yesterday, the results being Old Boys and Sydenham. The representative cricket match for the Coast Cup between Hauraki Plains and Thames was played at Thames on Saturday. The veteran rifleman Mr. James Morrison of the Thames Rifle Club topped the scores.

The 130yds 'Melbourne Thousand' sprint race resulted — Inner (scratch) 1, Lynch 2, Cooper 3. The senior cricket competition was resumed yesterday, the results being Old Boys and Sydenham. The representative cricket match for the Coast Cup between Hauraki Plains and Thames was played at Thames on Saturday. The veteran rifleman Mr. James Morrison of the Thames Rifle Club topped the scores.

EX-AUCKLANDER'S WIN

The 130yds 'Melbourne Thousand' sprint race resulted — Inner (scratch) 1, Lynch 2, Cooper 3. The senior cricket competition was resumed yesterday, the results being Old Boys and Sydenham. The representative cricket match for the Coast Cup between Hauraki Plains and Thames was played at Thames on Saturday. The veteran rifleman Mr. James Morrison of the Thames Rifle Club topped the scores.

Skin Troubles
ECZEMA, PSORIASIS, SCALP TROUBLES, BAD LEGS.
Hundreds of testimonials from all parts of the Dominion and even overseas prove the remarkable efficacy of the wonderful
KLEXEMA TREATMENT
Sufferers from any of the various forms of skin disease can place implicit faith in the Klexema treatment. It has been successful when all other methods have failed.
CONSULTATIONS FREE.
You are invited to call or write for particulars of treatment, also booklet on skin troubles.
KLEXEMA ROOMS,
Hours: 9 to 5. Friday Evenings, 7 to 8.30
WHITEHALL BUILDING,
TOP OF QUEEN ST., AUCKLAND.
MOTOR CYCLE THRILLS UP MANGERE MOUNTAIN

Motor-cyclists turning up the north-western slope of Mangere Mountain on Saturday afternoon provided breathless excitement for the large crowd of spectators. The occasion was the annual hill-climbing championships. The cup presented to the Thames Gun Club by the Colonial Ammunition Company three years ago is still being competed for by the members of the club.

Motor-cyclists turning up the north-western slope of Mangere Mountain on Saturday afternoon provided breathless excitement for the large crowd of spectators. The occasion was the annual hill-climbing championships. The cup presented to the Thames Gun Club by the Colonial Ammunition Company three years ago is still being competed for by the members of the club.

Motor-cyclists turning up the north-western slope of Mangere Mountain on Saturday afternoon provided breathless excitement for the large crowd of spectators. The occasion was the annual hill-climbing championships. The cup presented to the Thames Gun Club by the Colonial Ammunition Company three years ago is still being competed for by the members of the club.

THAMES GUN CLUB
THAMES, Sunday.

Motor-cyclists turning up the north-western slope of Mangere Mountain on Saturday afternoon provided breathless excitement for the large crowd of spectators. The occasion was the annual hill-climbing championships. The cup presented to the Thames Gun Club by the Colonial Ammunition Company three years ago is still being competed for by the members of the club.

Motor-cyclists turning up the north-western slope of Mangere Mountain on Saturday afternoon provided breathless excitement for the large crowd of spectators. The occasion was the annual hill-climbing championships. The cup presented to the Thames Gun Club by the Colonial Ammunition Company three years ago is still being competed for by the members of the club.

"Kill two birds with one stone"—

(a) By satisfying yourself that real Ivory Tipped Cigarettes are made in New Zealand just as successfully as they can be made elsewhere.

(b) By saving your money—for they cost you less, Legation Ivory Tipped Cigarettes, 10 for 8d.
